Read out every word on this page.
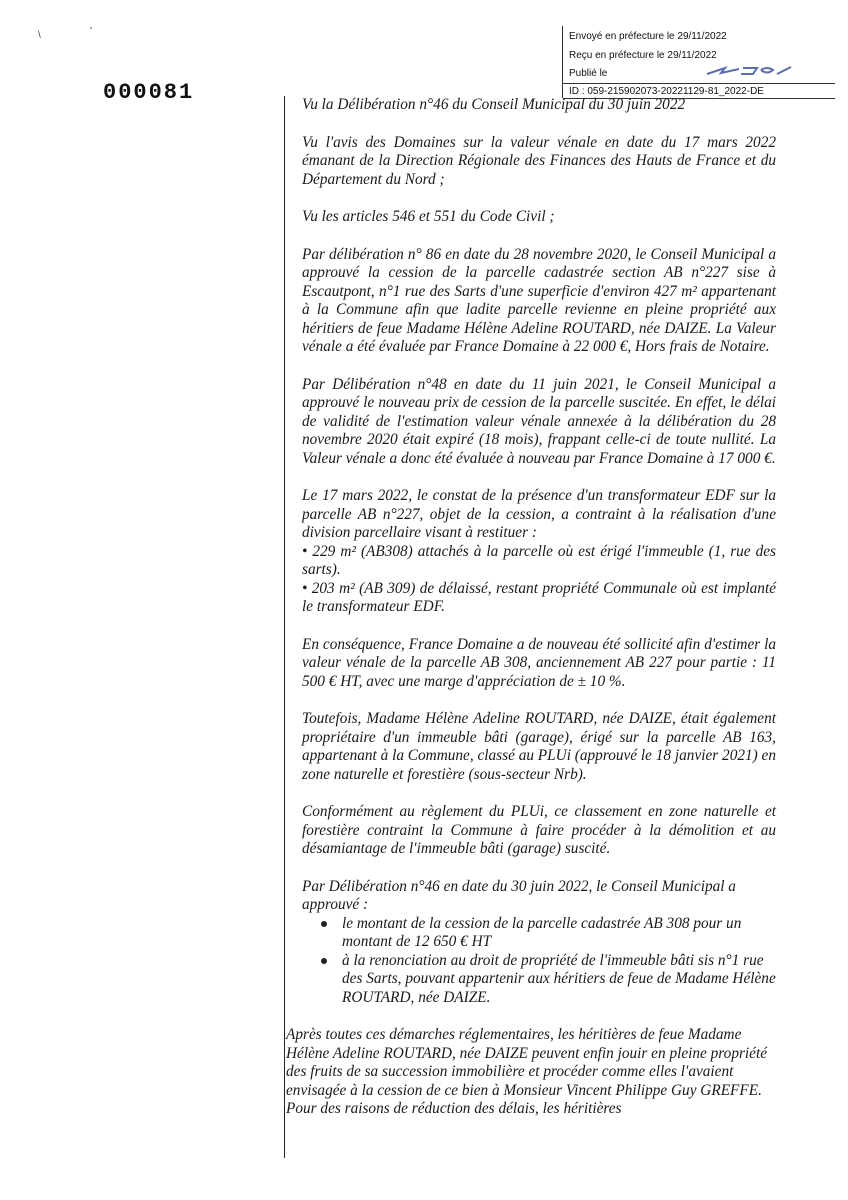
\	'	Envoyé en préfecture le 29/11/2022
Reçu en préfecture le 29/11/2022
Publié le
ID : 059-215902073-20221129-81_2022-DE
000081	Vu la Délibération n°46 du Conseil Municipal du 30 juin 2022

Vu l'avis des Domaines sur la valeur vénale en date du 17 mars 2022 émanant de la Direction Régionale des Finances des Hauts de France et du Département du Nord ;

Vu les articles 546 et 551 du Code Civil ;

Par délibération n° 86 en date du 28 novembre 2020, le Conseil Municipal a approuvé la cession de la parcelle cadastrée section AB n°227 sise à Escautpont, n°1 rue des Sarts d'une superficie d'environ 427 m² appartenant à la Commune afin que ladite parcelle revienne en pleine propriété aux héritiers de feue Madame Hélène Adeline ROUTARD, née DAIZE. La Valeur vénale a été évaluée par France Domaine à 22 000 €, Hors frais de Notaire.

Par Délibération n°48 en date du 11 juin 2021, le Conseil Municipal a approuvé le nouveau prix de cession de la parcelle suscitée. En effet, le délai de validité de l'estimation valeur vénale annexée à la délibération du 28 novembre 2020 était expiré (18 mois), frappant celle-ci de toute nullité. La Valeur vénale a donc été évaluée à nouveau par France Domaine à 17 000 €.

Le 17 mars 2022, le constat de la présence d'un transformateur EDF sur la parcelle AB n°227, objet de la cession, a contraint à la réalisation d'une division parcellaire visant à restituer :

• 229 m² (AB308) attachés à la parcelle où est érigé l'immeuble (1, rue des sarts).

• 203 m² (AB 309) de délaissé, restant propriété Communale où est implanté le transformateur EDF.

En conséquence, France Domaine a de nouveau été sollicité afin d'estimer la valeur vénale de la parcelle AB 308, anciennement AB 227 pour partie : 11 500 € HT, avec une marge d'appréciation de ± 10 %.

Toutefois, Madame Hélène Adeline ROUTARD, née DAIZE, était également propriétaire d'un immeuble bâti (garage), érigé sur la parcelle AB 163, appartenant à la Commune, classé au PLUi (approuvé le 18 janvier 2021) en zone naturelle et forestière (sous-secteur Nrb).

Conformément au règlement du PLUi, ce classement en zone naturelle et forestière contraint la Commune à faire procéder à la démolition et au désamiantage de l'immeuble bâti (garage) suscité.

Par Délibération n°46 en date du 30 juin 2022, le Conseil Municipal a approuvé :

le montant de la cession de la parcelle cadastrée AB 308 pour un montant de 12 650 € HT
à la renonciation au droit de propriété de l'immeuble bâti sis n°1 rue des Sarts, pouvant appartenir aux héritiers de feue de Madame Hélène ROUTARD, née DAIZE.

Après toutes ces démarches réglementaires, les héritières de feue Madame Hélène Adeline ROUTARD, née DAIZE peuvent enfin jouir en pleine propriété des fruits de sa succession immobilière et procéder comme elles l'avaient envisagée à la cession de ce bien à Monsieur Vincent Philippe Guy GREFFE. Pour des raisons de réduction des délais, les héritières
